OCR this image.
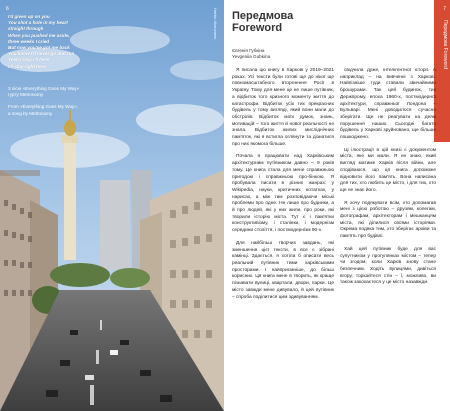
6	Harkiv Monument
I'd given up on you
You shot a hole in my heart
straight through
When you pushed me aside,
three weeks I cried
But now you've got me back
You know I'll never go and run
Yeah I stay I'll here
I'll stay right here
3 пісні «Everything Goes My Way»
гурту Metronomy
From «Everything Goes My Way»,
a song by Metronomy
Передмова Foreword
7
Передмова
Foreword
Євгенія Губкіна
Yevgeniia Gubkina

Я писала цю книгу в Харкові у 2019–2021 роках. Усі тексти були готові ще до нікої ще повномасштабного вторгнення Росії в Україну. Тому для мене це не лише путівник, а відбиток того кризного моменту життя до катастрофи. Відбиток усіх тих прекрасних будівель у тому вигляді, який вони мали до обстрілів. Відбиток моїх думок, знань, мотивацій – того життя й нової реальності не знала. Відбиток жилих мисліднічних пам'яток, які я встигла оглянути та дізнатися про них якомога більше.

Почала я працювати над Харківським архітектурним путівником давно – 9 років тому. Це книга стала для мене справжньою пригодою і справжньою про-бінкою. Я пробувала писати в різних жанрах: у Wikipedia, науки, критичних нотатках, у нарисах, а між тим розповідаючи міські проблеми про одне. Не лише про будинки, а й про людей, які у них жили, про роки, які творили історію міста. Тут є і пам'ятки конструктивізму, і сталінки, і модернізм середини століття, і постмодернізм 90-х.

Для найбільш творчих завдань, які зменшення цієї тексти, в все є зібрані камінці. Здається, я хотіла б описати весь реальний путівник тими харківськими просторами. І найприємніше, до більш корисних. Ця книга мене в творить, як краще пізнавати вулиці, квартали, двори, парки. Це місто завжди мене дивувало, й цей путівник – спроба поділитися цим здивуванням.

свідчила дуже, інтелігентної історії. А наприклад – на вивченні з Харкові. Найпізніше туди ставали звичайними брошурами. Так цей будинок, тих Держпрому, епоха 1960-х, постмодерної архітектури, справжньої Лондона – Бульварі. Мені доводилося сучасно зберігати. Ще не реагувати на деякі порушення наших. Сьогодні багато будівель у Харкові зруйновано, ще більше пошкоджено.

Ці ілюстрації в цій книзі є документом міста, яке ми мали. Я не знаю, який вигляд матиме Харків після війни, але сподіваюся, що ця книга допоможе відновити його пам'ять. Вона написана для тих, хто любить це місто, і для тих, хто ще не знає його.

Я хочу подякувати всім, хто допомагав мені з цією роботою – друзям, колегам, фотографам, архітекторам і мешканцям міста, які ділилися своїми історіями. Окрема подяка тим, хто зберігає архіви та пам'ять про будівлі.

Хай цей путівник буде для вас супутником у прогулянках містом – тепер чи згодом, коли Харків знову стане безпечним. Ходіть вулицями, дивіться вгору, торкайтеся стін – і, можливо, ви також закохаєтеся у це місто назавжди.
